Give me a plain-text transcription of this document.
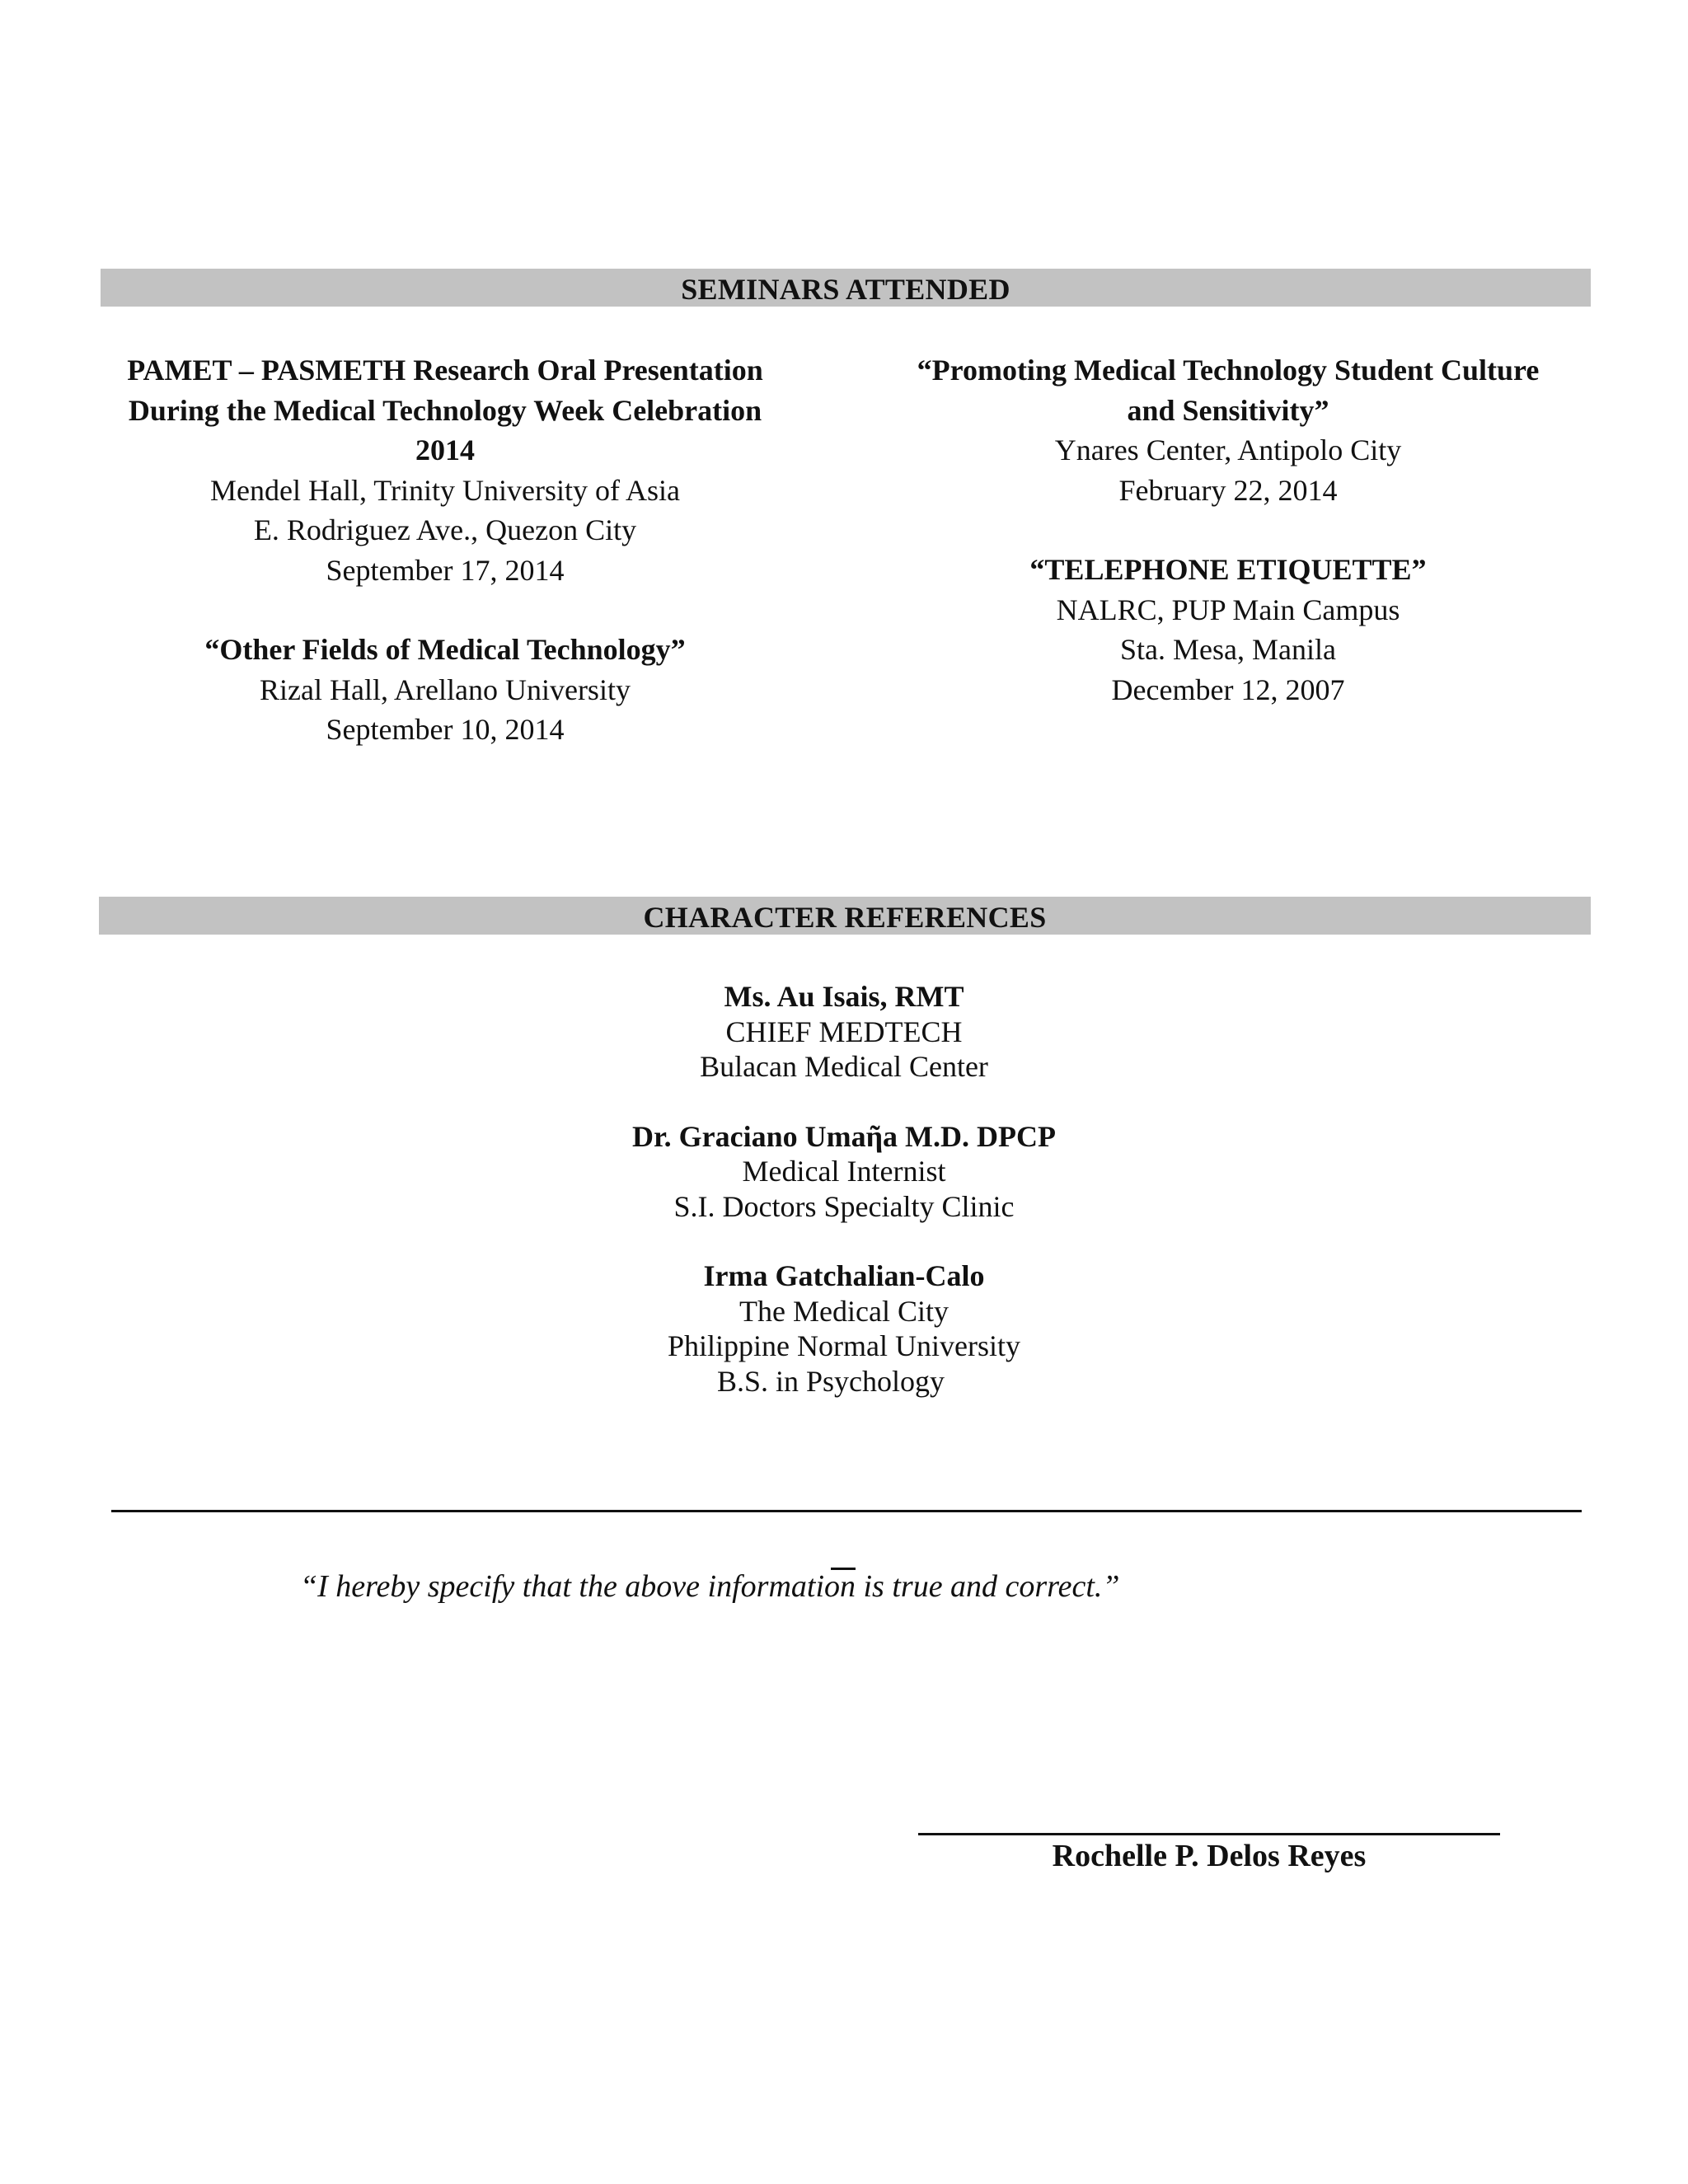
SEMINARS ATTENDED
PAMET – PASMETH Research Oral Presentation
During the Medical Technology Week Celebration
2014
Mendel Hall, Trinity University of Asia
E. Rodriguez Ave., Quezon City
September 17, 2014
“Other Fields of Medical Technology”
Rizal Hall, Arellano University
September 10, 2014
“Promoting Medical Technology Student Culture
and Sensitivity”
Ynares Center, Antipolo City
February 22, 2014
“TELEPHONE ETIQUETTE”
NALRC, PUP Main Campus
Sta. Mesa, Manila
December 12, 2007
CHARACTER REFERENCES
Ms. Au Isais, RMT
CHIEF MEDTECH
Bulacan Medical Center
Dr. Graciano Umaῆa M.D. DPCP
Medical Internist
S.I. Doctors Specialty Clinic
Irma Gatchalian-Calo
The Medical City
Philippine Normal University
B.S. in Psychology
“I hereby specify that the above information is true and correct.”
Rochelle P. Delos Reyes
